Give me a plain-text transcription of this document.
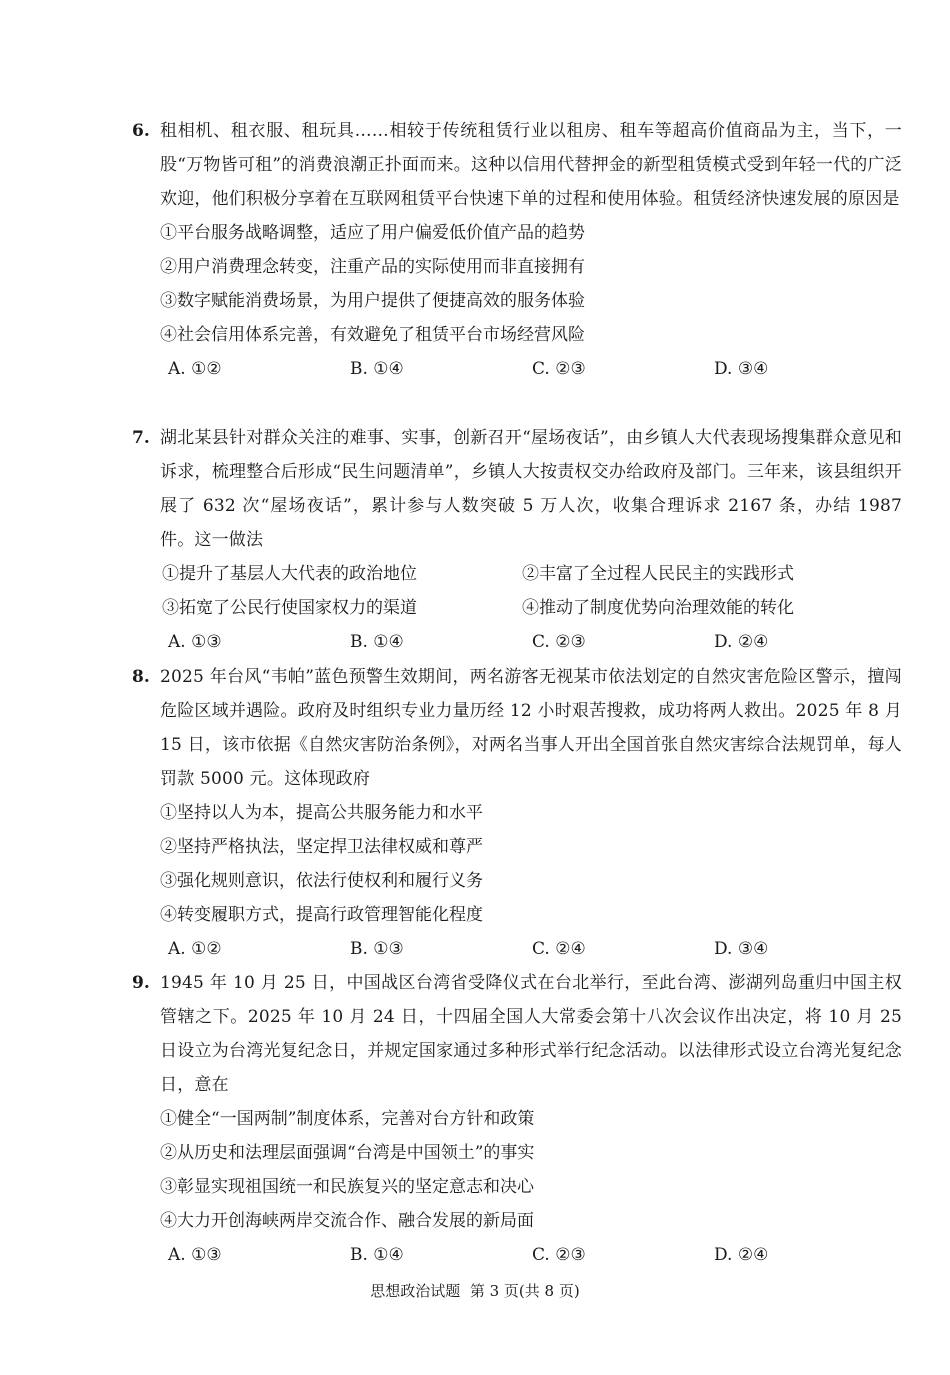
6. 租相机、租衣服、租玩具……相较于传统租赁行业以租房、租车等超高价值商品为主，当下，一股“万物皆可租”的消费浪潮正扑面而来。这种以信用代替押金的新型租赁模式受到年轻一代的广泛欢迎，他们积极分享着在互联网租赁平台快速下单的过程和使用体验。租赁经济快速发展的原因是
①平台服务战略调整，适应了用户偏爱低价值产品的趋势
②用户消费理念转变，注重产品的实际使用而非直接拥有
③数字赋能消费场景，为用户提供了便捷高效的服务体验
④社会信用体系完善，有效避免了租赁平台市场经营风险
A. ①②	B. ①④	C. ②③	D. ③④
7. 湖北某县针对群众关注的难事、实事，创新召开“屋场夜话”，由乡镇人大代表现场搜集群众意见和诉求，梳理整合后形成“民生问题清单”，乡镇人大按责权交办给政府及部门。三年来，该县组织开展了 632 次“屋场夜话”，累计参与人数突破 5 万人次，收集合理诉求 2167 条，办结 1987 件。这一做法
①提升了基层人大代表的政治地位	②丰富了全过程人民民主的实践形式
③拓宽了公民行使国家权力的渠道	④推动了制度优势向治理效能的转化
A. ①③	B. ①④	C. ②③	D. ②④
8. 2025 年台风“韦帕”蓝色预警生效期间，两名游客无视某市依法划定的自然灾害危险区警示，擅闯危险区域并遇险。政府及时组织专业力量历经 12 小时艰苦搜救，成功将两人救出。2025 年 8 月 15 日，该市依据《自然灾害防治条例》，对两名当事人开出全国首张自然灾害综合法规罚单，每人罚款 5000 元。这体现政府
①坚持以人为本，提高公共服务能力和水平
②坚持严格执法，坚定捍卫法律权威和尊严
③强化规则意识，依法行使权利和履行义务
④转变履职方式，提高行政管理智能化程度
A. ①②	B. ①③	C. ②④	D. ③④
9. 1945 年 10 月 25 日，中国战区台湾省受降仪式在台北举行，至此台湾、澎湖列岛重归中国主权管辖之下。2025 年 10 月 24 日，十四届全国人大常委会第十八次会议作出决定，将 10 月 25 日设立为台湾光复纪念日，并规定国家通过多种形式举行纪念活动。以法律形式设立台湾光复纪念日，意在
①健全“一国两制”制度体系，完善对台方针和政策
②从历史和法理层面强调“台湾是中国领土”的事实
③彰显实现祖国统一和民族复兴的坚定意志和决心
④大力开创海峡两岸交流合作、融合发展的新局面
A. ①③	B. ①④	C. ②③	D. ②④
思想政治试题 第 3 页(共 8 页)
